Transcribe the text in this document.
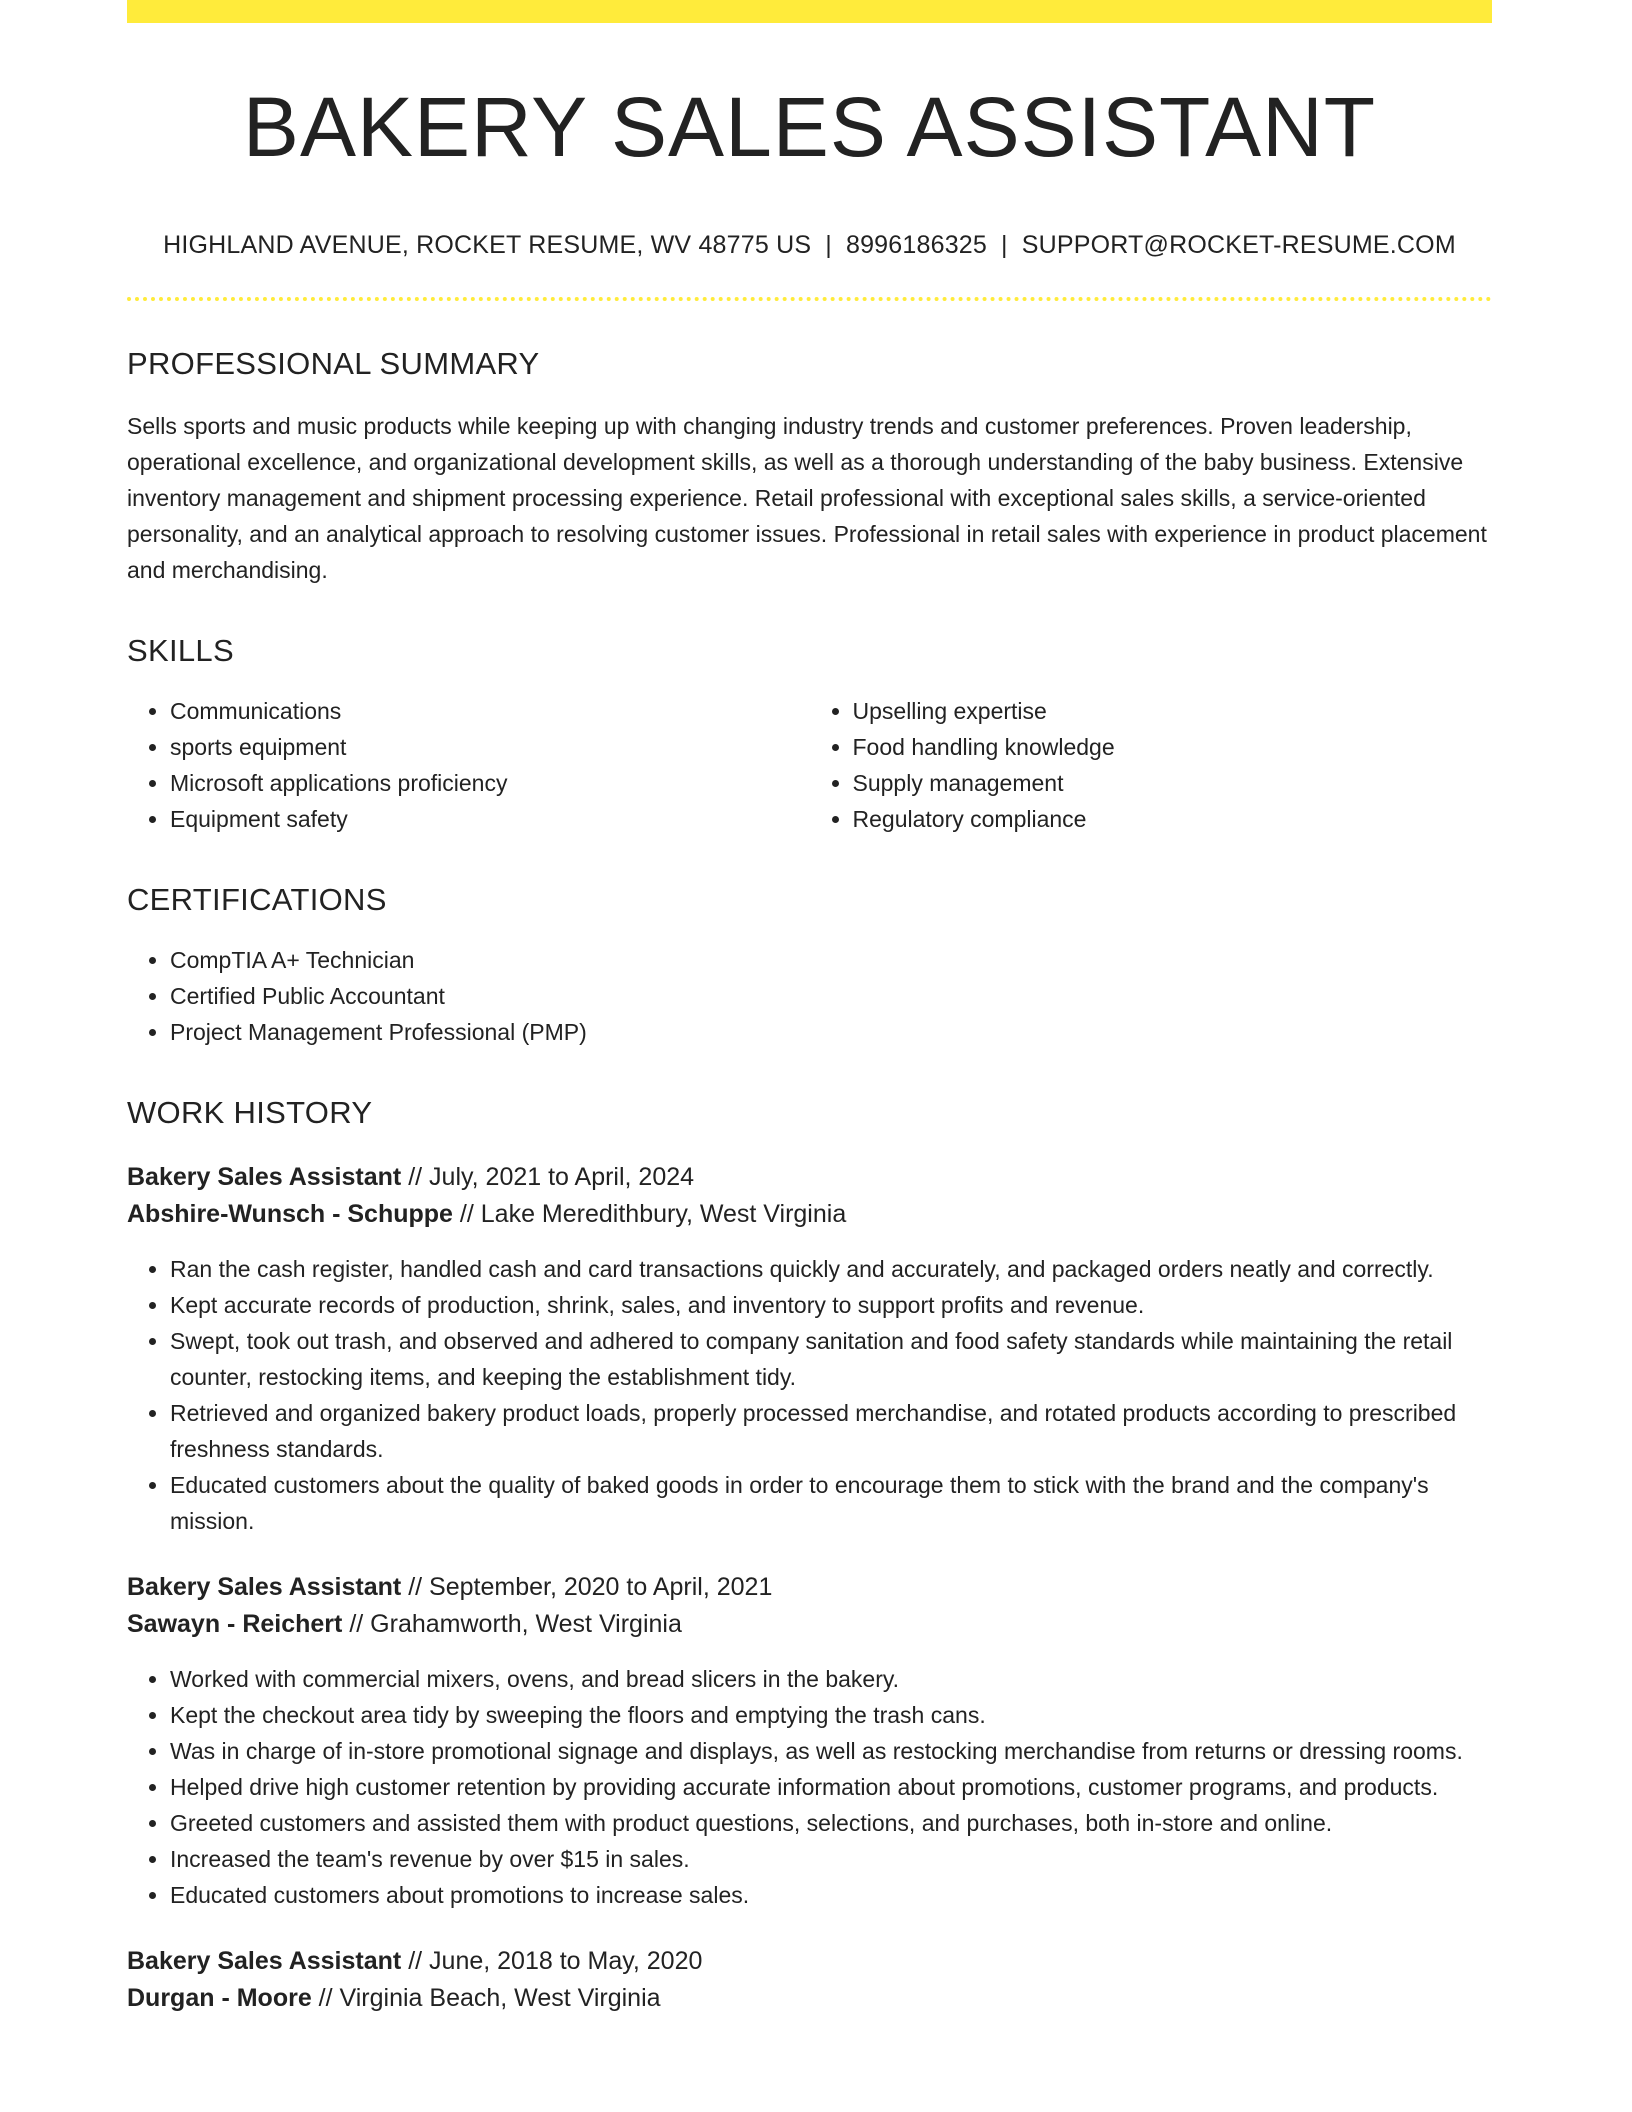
BAKERY SALES ASSISTANT
HIGHLAND AVENUE, ROCKET RESUME, WV 48775 US | 8996186325 | SUPPORT@ROCKET-RESUME.COM
PROFESSIONAL SUMMARY

Sells sports and music products while keeping up with changing industry trends and customer preferences. Proven leadership, operational excellence, and organizational development skills, as well as a thorough understanding of the baby business. Extensive inventory management and shipment processing experience. Retail professional with exceptional sales skills, a service-oriented personality, and an analytical approach to resolving customer issues. Professional in retail sales with experience in product placement and merchandising.

SKILLS
• Communications
• sports equipment
• Microsoft applications proficiency
• Equipment safety
• Upselling expertise
• Food handling knowledge
• Supply management
• Regulatory compliance
CERTIFICATIONS
• CompTIA A+ Technician
• Certified Public Accountant
• Project Management Professional (PMP)
WORK HISTORY
Bakery Sales Assistant // July, 2021 to April, 2024
Abshire-Wunsch - Schuppe // Lake Meredithbury, West Virginia
• Ran the cash register, handled cash and card transactions quickly and accurately, and packaged orders neatly and correctly.
• Kept accurate records of production, shrink, sales, and inventory to support profits and revenue.
• Swept, took out trash, and observed and adhered to company sanitation and food safety standards while maintaining the retail counter, restocking items, and keeping the establishment tidy.
• Retrieved and organized bakery product loads, properly processed merchandise, and rotated products according to prescribed freshness standards.
• Educated customers about the quality of baked goods in order to encourage them to stick with the brand and the company's mission.
Bakery Sales Assistant // September, 2020 to April, 2021
Sawayn - Reichert // Grahamworth, West Virginia
• Worked with commercial mixers, ovens, and bread slicers in the bakery.
• Kept the checkout area tidy by sweeping the floors and emptying the trash cans.
• Was in charge of in-store promotional signage and displays, as well as restocking merchandise from returns or dressing rooms.
• Helped drive high customer retention by providing accurate information about promotions, customer programs, and products.
• Greeted customers and assisted them with product questions, selections, and purchases, both in-store and online.
• Increased the team's revenue by over $15 in sales.
• Educated customers about promotions to increase sales.
Bakery Sales Assistant // June, 2018 to May, 2020
Durgan - Moore // Virginia Beach, West Virginia
